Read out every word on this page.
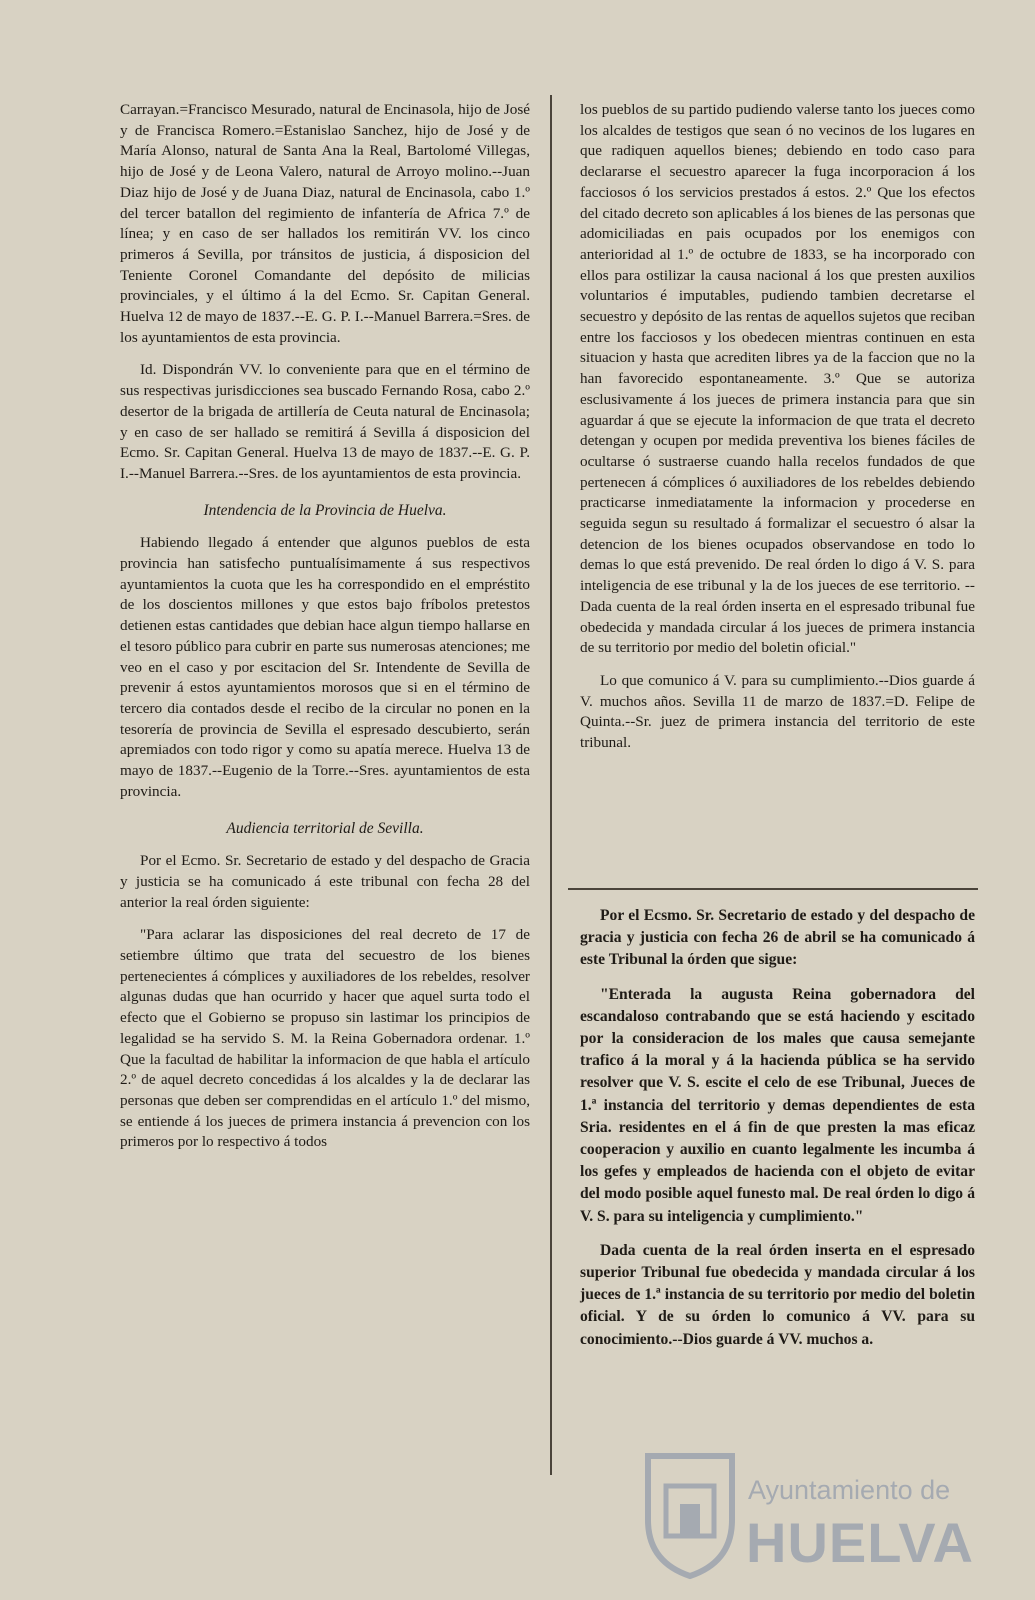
Carrayan.=Francisco Mesurado, natural de Encinasola, hijo de José y de Francisca Romero.=Estanislao Sanchez, hijo de José y de María Alonso, natural de Santa Ana la Real, Bartolomé Villegas, hijo de José y de Leona Valero, natural de Arroyo molino.--Juan Diaz hijo de José y de Juana Diaz, natural de Encinasola, cabo 1.º del tercer batallon del regimiento de infantería de Africa 7.º de línea; y en caso de ser hallados los remitirán VV. los cinco primeros á Sevilla, por tránsitos de justicia, á disposicion del Teniente Coronel Comandante del depósito de milicias provinciales, y el último á la del Ecmo. Sr. Capitan General. Huelva 12 de mayo de 1837.--E. G. P. I.--Manuel Barrera.=Sres. de los ayuntamientos de esta provincia.

Id. Dispondrán VV. lo conveniente para que en el término de sus respectivas jurisdicciones sea buscado Fernando Rosa, cabo 2.º desertor de la brigada de artillería de Ceuta natural de Encinasola; y en caso de ser hallado se remitirá á Sevilla á disposicion del Ecmo. Sr. Capitan General. Huelva 13 de mayo de 1837.--E. G. P. I.--Manuel Barrera.--Sres. de los ayuntamientos de esta provincia.

Intendencia de la Provincia de Huelva.

Habiendo llegado á entender que algunos pueblos de esta provincia han satisfecho puntualísimamente á sus respectivos ayuntamientos la cuota que les ha correspondido en el empréstito de los doscientos millones y que estos bajo fríbolos pretestos detienen estas cantidades que debian hace algun tiempo hallarse en el tesoro público para cubrir en parte sus numerosas atenciones; me veo en el caso y por escitacion del Sr. Intendente de Sevilla de prevenir á estos ayuntamientos morosos que si en el término de tercero dia contados desde el recibo de la circular no ponen en la tesorería de provincia de Sevilla el espresado descubierto, serán apremiados con todo rigor y como su apatía merece. Huelva 13 de mayo de 1837.--Eugenio de la Torre.--Sres. ayuntamientos de esta provincia.

Audiencia territorial de Sevilla.

Por el Ecmo. Sr. Secretario de estado y del despacho de Gracia y justicia se ha comunicado á este tribunal con fecha 28 del anterior la real órden siguiente:

"Para aclarar las disposiciones del real decreto de 17 de setiembre último que trata del secuestro de los bienes pertenecientes á cómplices y auxiliadores de los rebeldes, resolver algunas dudas que han ocurrido y hacer que aquel surta todo el efecto que el Gobierno se propuso sin lastimar los principios de legalidad se ha servido S. M. la Reina Gobernadora ordenar. 1.º Que la facultad de habilitar la informacion de que habla el artículo 2.º de aquel decreto concedidas á los alcaldes y la de declarar las personas que deben ser comprendidas en el artículo 1.º del mismo, se entiende á los jueces de primera instancia á prevencion con los primeros por lo respectivo á todos

los pueblos de su partido pudiendo valerse tanto los jueces como los alcaldes de testigos que sean ó no vecinos de los lugares en que radiquen aquellos bienes; debiendo en todo caso para declararse el secuestro aparecer la fuga incorporacion á los facciosos ó los servicios prestados á estos. 2.º Que los efectos del citado decreto son aplicables á los bienes de las personas que adomiciliadas en pais ocupados por los enemigos con anterioridad al 1.º de octubre de 1833, se ha incorporado con ellos para ostilizar la causa nacional á los que presten auxilios voluntarios é imputables, pudiendo tambien decretarse el secuestro y depósito de las rentas de aquellos sujetos que reciban entre los facciosos y los obedecen mientras continuen en esta situacion y hasta que acrediten libres ya de la faccion que no la han favorecido espontaneamente. 3.º Que se autoriza esclusivamente á los jueces de primera instancia para que sin aguardar á que se ejecute la informacion de que trata el decreto detengan y ocupen por medida preventiva los bienes fáciles de ocultarse ó sustraerse cuando halla recelos fundados de que pertenecen á cómplices ó auxiliadores de los rebeldes debiendo practicarse inmediatamente la informacion y procederse en seguida segun su resultado á formalizar el secuestro ó alsar la detencion de los bienes ocupados observandose en todo lo demas lo que está prevenido. De real órden lo digo á V. S. para inteligencia de ese tribunal y la de los jueces de ese territorio. --Dada cuenta de la real órden inserta en el espresado tribunal fue obedecida y mandada circular á los jueces de primera instancia de su territorio por medio del boletin oficial."

Lo que comunico á V. para su cumplimiento.--Dios guarde á V. muchos años. Sevilla 11 de marzo de 1837.=D. Felipe de Quinta.--Sr. juez de primera instancia del territorio de este tribunal.

Por el Ecsmo. Sr. Secretario de estado y del despacho de gracia y justicia con fecha 26 de abril se ha comunicado á este Tribunal la órden que sigue:

"Enterada la augusta Reina gobernadora del escandaloso contrabando que se está haciendo y escitado por la consideracion de los males que causa semejante trafico á la moral y á la hacienda pública se ha servido resolver que V. S. escite el celo de ese Tribunal, Jueces de 1.ª instancia del territorio y demas dependientes de esta Sria. residentes en el á fin de que presten la mas eficaz cooperacion y auxilio en cuanto legalmente les incumba á los gefes y empleados de hacienda con el objeto de evitar del modo posible aquel funesto mal. De real órden lo digo á V. S. para su inteligencia y cumplimiento."

Dada cuenta de la real órden inserta en el espresado superior Tribunal fue obedecida y mandada circular á los jueces de 1.ª instancia de su territorio por medio del boletin oficial. Y de su órden lo comunico á VV. para su conocimiento.--Dios guarde á VV. muchos a.

Ayuntamiento de
HUELVA
